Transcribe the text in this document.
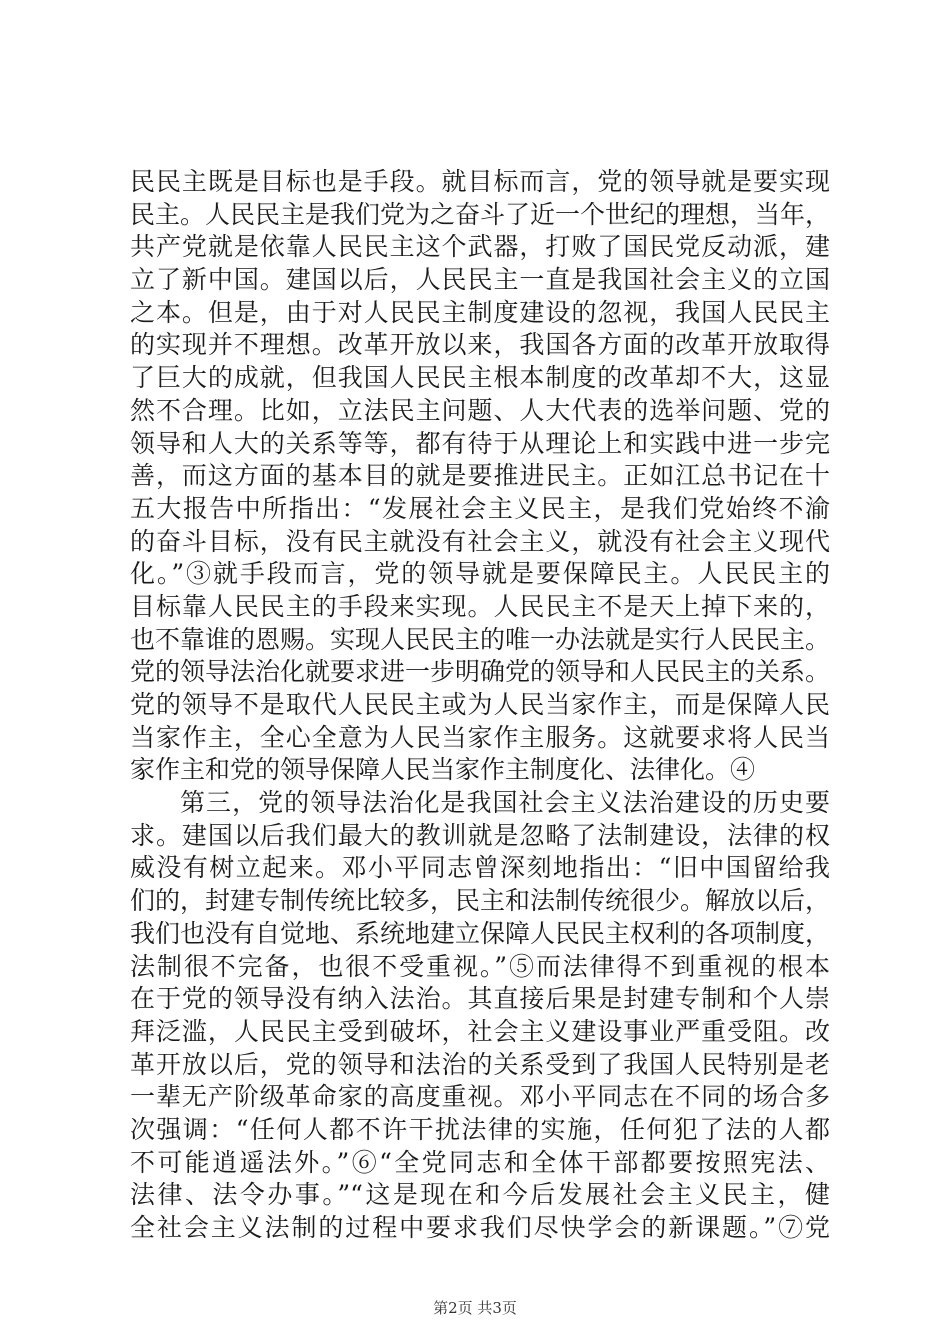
民民主既是目标也是手段。就目标而言，党的领导就是要实现
民主。人民民主是我们党为之奋斗了近一个世纪的理想，当年，
共产党就是依靠人民民主这个武器，打败了国民党反动派，建
立了新中国。建国以后，人民民主一直是我国社会主义的立国
之本。但是，由于对人民民主制度建设的忽视，我国人民民主
的实现并不理想。改革开放以来，我国各方面的改革开放取得
了巨大的成就，但我国人民民主根本制度的改革却不大，这显
然不合理。比如，立法民主问题、人大代表的选举问题、党的
领导和人大的关系等等，都有待于从理论上和实践中进一步完
善，而这方面的基本目的就是要推进民主。正如江总书记在十
五大报告中所指出：“发展社会主义民主，是我们党始终不渝
的奋斗目标，没有民主就没有社会主义，就没有社会主义现代
化。”③就手段而言，党的领导就是要保障民主。人民民主的
目标靠人民民主的手段来实现。人民民主不是天上掉下来的，
也不靠谁的恩赐。实现人民民主的唯一办法就是实行人民民主。
党的领导法治化就要求进一步明确党的领导和人民民主的关系。
党的领导不是取代人民民主或为人民当家作主，而是保障人民
当家作主，全心全意为人民当家作主服务。这就要求将人民当
家作主和党的领导保障人民当家作主制度化、法律化。④
第三，党的领导法治化是我国社会主义法治建设的历史要
求。建国以后我们最大的教训就是忽略了法制建设，法律的权
威没有树立起来。邓小平同志曾深刻地指出：“旧中国留给我
们的，封建专制传统比较多，民主和法制传统很少。解放以后，
我们也没有自觉地、系统地建立保障人民民主权利的各项制度，
法制很不完备，也很不受重视。”⑤而法律得不到重视的根本
在于党的领导没有纳入法治。其直接后果是封建专制和个人崇
拜泛滥，人民民主受到破坏，社会主义建设事业严重受阻。改
革开放以后，党的领导和法治的关系受到了我国人民特别是老
一辈无产阶级革命家的高度重视。邓小平同志在不同的场合多
次强调：“任何人都不许干扰法律的实施，任何犯了法的人都
不可能逍遥法外。”⑥“全党同志和全体干部都要按照宪法、
法律、法令办事。”“这是现在和今后发展社会主义民主，健
全社会主义法制的过程中要求我们尽快学会的新课题。”⑦党
第2页 共3页
